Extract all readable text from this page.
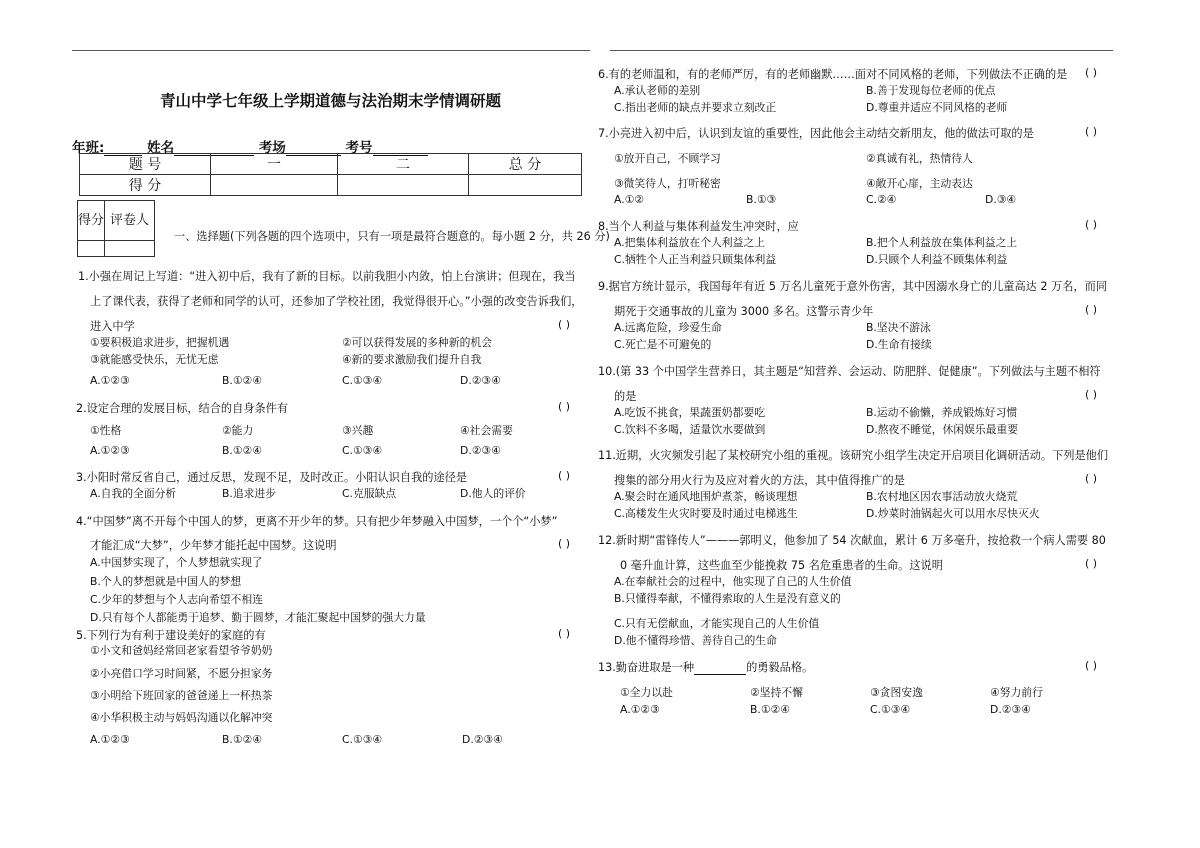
青山中学七年级上学期道德与法治期末学情调研题
年班:	姓名	考场	考号
题 号	一	二	总 分
得 分			
得分	评卷人

一、选择题(下列各题的四个选项中，只有一项是最符合题意的。每小题 2 分，共 26 分)
1.小强在周记上写道：“进入初中后，我有了新的目标。以前我胆小内敛，怕上台演讲；但现在，我当
上了课代表，获得了老师和同学的认可，还参加了学校社团，我觉得很开心。”小强的改变告诉我们，
进入中学	( )
①要积极追求进步，把握机遇	②可以获得发展的多种新的机会
③就能感受快乐，无忧无虑	④新的要求激励我们提升自我
A.①②③	B.①②④	C.①③④	D.②③④
2.设定合理的发展目标，结合的自身条件有	( )
①性格	②能力	③兴趣	④社会需要
A.①②③	B.①②④	C.①③④	D.②③④
3.小阳时常反省自己，通过反思，发现不足，及时改正。小阳认识自我的途径是	( )
A.自我的全面分析	B.追求进步	C.克服缺点	D.他人的评价
4.“中国梦”离不开每个中国人的梦，更离不开少年的梦。只有把少年梦融入中国梦，一个个“小梦”
才能汇成“大梦”，少年梦才能托起中国梦。这说明	( )
A.中国梦实现了，个人梦想就实现了
B.个人的梦想就是中国人的梦想
C.少年的梦想与个人志向希望不相连
D.只有每个人都能勇于追梦、勤于圆梦，才能汇聚起中国梦的强大力量
5.下列行为有利于建设美好的家庭的有	( )
①小文和爸妈经常回老家看望爷爷奶奶
②小亮借口学习时间紧，不愿分担家务
③小明给下班回家的爸爸递上一杯热茶
④小华积极主动与妈妈沟通以化解冲突
A.①②③	B.①②④	C.①③④	D.②③④
6.有的老师温和，有的老师严厉，有的老师幽默……面对不同风格的老师，下列做法不正确的是 ( )
A.承认老师的差别	B.善于发现每位老师的优点
C.指出老师的缺点并要求立刻改正	D.尊重并适应不同风格的老师
7.小亮进入初中后，认识到友谊的重要性，因此他会主动结交新朋友，他的做法可取的是	( )
①放开自己，不顾学习	②真诚有礼，热情待人
③微笑待人，打听秘密	④敞开心扉，主动表达
A.①②	B.①③	C.②④	D.③④
8.当个人利益与集体利益发生冲突时，应	( )
A.把集体利益放在个人利益之上	B.把个人利益放在集体利益之上
C.牺牲个人正当利益只顾集体利益	D.只顾个人利益不顾集体利益
9.据官方统计显示，我国每年有近 5 万名儿童死于意外伤害，其中因溺水身亡的儿童高达 2 万名，而同
期死于交通事故的儿童为 3000 多名。这警示青少年	( )
A.远离危险，珍爱生命	B.坚决不游泳
C.死亡是不可避免的	D.生命有接续
10.(第 33 个中国学生营养日，其主题是“知营养、会运动、防肥胖、促健康”。下列做法与主题不相符
的是	( )
A.吃饭不挑食，果蔬蛋奶都要吃	B.运动不偷懒，养成锻炼好习惯
C.饮料不多喝，适量饮水要做到	D.熬夜不睡觉，休闲娱乐最重要
11.近期，火灾频发引起了某校研究小组的重视。该研究小组学生决定开启项目化调研活动。下列是他们
搜集的部分用火行为及应对着火的方法，其中值得推广的是	( )
A.聚会时在通风地围炉煮茶，畅谈理想	B.农村地区因农事活动放火烧荒
C.高楼发生火灾时要及时通过电梯逃生	D.炒菜时油锅起火可以用水尽快灭火
12.新时期“雷锋传人”———郭明义，他参加了 54 次献血，累计 6 万多毫升，按抢救一个病人需要 80
0 毫升血计算，这些血至少能挽救 75 名危重患者的生命。这说明	( )
A.在奉献社会的过程中，他实现了自己的人生价值
B.只懂得奉献，不懂得索取的人生是没有意义的
C.只有无偿献血，才能实现自己的人生价值
D.他不懂得珍惜、善待自己的生命
13.勤奋进取是一种	的勇毅品格。	( )
①全力以赴	②坚持不懈	③贪图安逸	④努力前行
A.①②③	B.①②④	C.①③④	D.②③④
